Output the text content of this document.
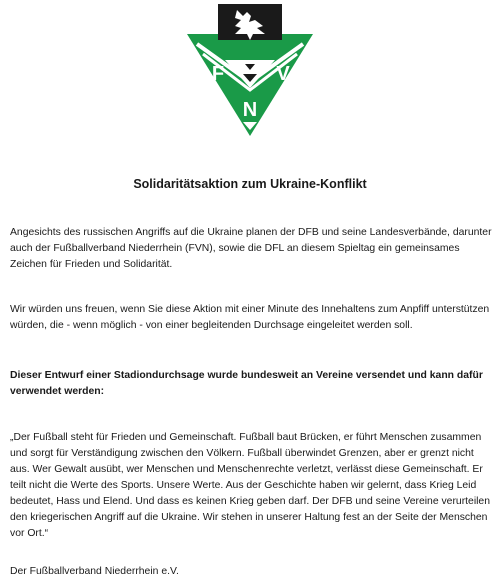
F	V
N
Solidaritätsaktion zum Ukraine-Konflikt

Angesichts des russischen Angriffs auf die Ukraine planen der DFB und seine Landesverbände, darunter auch der Fußballverband Niederrhein (FVN), sowie die DFL an diesem Spieltag ein gemeinsames Zeichen für Frieden und Solidarität.

Wir würden uns freuen, wenn Sie diese Aktion mit einer Minute des Innehaltens zum Anpfiff unterstützen würden, die - wenn möglich - von einer begleitenden Durchsage eingeleitet werden soll.

Dieser Entwurf einer Stadiondurchsage wurde bundesweit an Vereine versendet und kann dafür verwendet werden:

„Der Fußball steht für Frieden und Gemeinschaft. Fußball baut Brücken, er führt Menschen zusammen und sorgt für Verständigung zwischen den Völkern. Fußball überwindet Grenzen, aber er grenzt nicht aus. Wer Gewalt ausübt, wer Menschen und Menschenrechte verletzt, verlässt diese Gemeinschaft. Er teilt nicht die Werte des Sports. Unsere Werte. Aus der Geschichte haben wir gelernt, dass Krieg Leid bedeutet, Hass und Elend. Und dass es keinen Krieg geben darf. Der DFB und seine Vereine verurteilen den kriegerischen Angriff auf die Ukraine. Wir stehen in unserer Haltung fest an der Seite der Menschen vor Ort.“

Der Fußballverband Niederrhein e.V.
